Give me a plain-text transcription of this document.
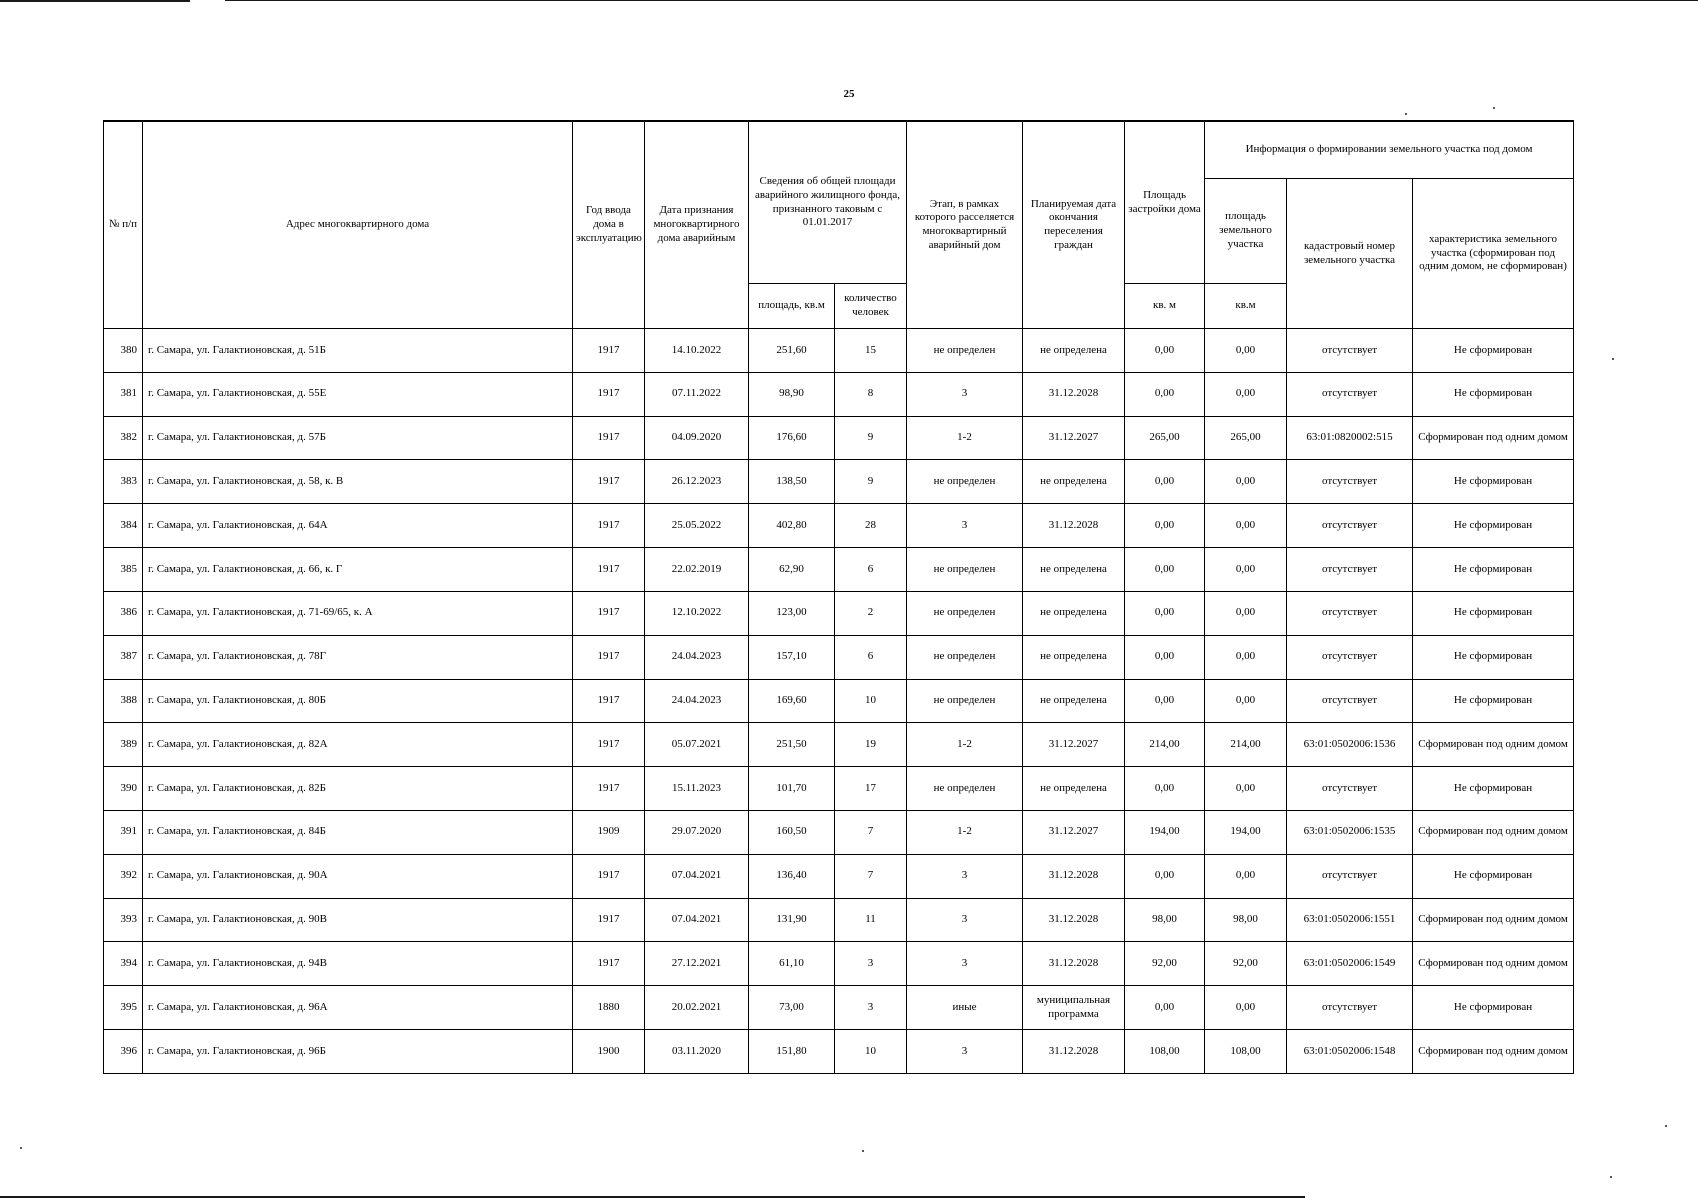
25
№ п/п	Адрес многоквартирного дома	Год ввода дома в эксплуатацию	Дата признания многоквартирного дома аварийным	Сведения об общей площади аварийного жилищного фонда, признанного таковым с 01.01.2017		Этап, в рамках которого расселяется многоквартирный аварийный дом	Планируемая дата окончания переселения граждан	Площадь застройки дома	Информация о формировании земельного участка под домом		
									площадь земельного участка	кадастровый номер земельного участка	характеристика земельного участка (сформирован под одним домом, не сформирован)
				площадь, кв.м	количество человек			кв. м	кв.м		
380	г. Самара, ул. Галактионовская, д. 51Б	1917	14.10.2022	251,60	15	не определен	не определена	0,00	0,00	отсутствует	Не сформирован
381	г. Самара, ул. Галактионовская, д. 55Е	1917	07.11.2022	98,90	8	3	31.12.2028	0,00	0,00	отсутствует	Не сформирован
382	г. Самара, ул. Галактионовская, д. 57Б	1917	04.09.2020	176,60	9	1-2	31.12.2027	265,00	265,00	63:01:0820002:515	Сформирован под одним домом
383	г. Самара, ул. Галактионовская, д. 58, к. В	1917	26.12.2023	138,50	9	не определен	не определена	0,00	0,00	отсутствует	Не сформирован
384	г. Самара, ул. Галактионовская, д. 64А	1917	25.05.2022	402,80	28	3	31.12.2028	0,00	0,00	отсутствует	Не сформирован
385	г. Самара, ул. Галактионовская, д. 66, к. Г	1917	22.02.2019	62,90	6	не определен	не определена	0,00	0,00	отсутствует	Не сформирован
386	г. Самара, ул. Галактионовская, д. 71-69/65, к. А	1917	12.10.2022	123,00	2	не определен	не определена	0,00	0,00	отсутствует	Не сформирован
387	г. Самара, ул. Галактионовская, д. 78Г	1917	24.04.2023	157,10	6	не определен	не определена	0,00	0,00	отсутствует	Не сформирован
388	г. Самара, ул. Галактионовская, д. 80Б	1917	24.04.2023	169,60	10	не определен	не определена	0,00	0,00	отсутствует	Не сформирован
389	г. Самара, ул. Галактионовская, д. 82А	1917	05.07.2021	251,50	19	1-2	31.12.2027	214,00	214,00	63:01:0502006:1536	Сформирован под одним домом
390	г. Самара, ул. Галактионовская, д. 82Б	1917	15.11.2023	101,70	17	не определен	не определена	0,00	0,00	отсутствует	Не сформирован
391	г. Самара, ул. Галактионовская, д. 84Б	1909	29.07.2020	160,50	7	1-2	31.12.2027	194,00	194,00	63:01:0502006:1535	Сформирован под одним домом
392	г. Самара, ул. Галактионовская, д. 90А	1917	07.04.2021	136,40	7	3	31.12.2028	0,00	0,00	отсутствует	Не сформирован
393	г. Самара, ул. Галактионовская, д. 90В	1917	07.04.2021	131,90	11	3	31.12.2028	98,00	98,00	63:01:0502006:1551	Сформирован под одним домом
394	г. Самара, ул. Галактионовская, д. 94В	1917	27.12.2021	61,10	3	3	31.12.2028	92,00	92,00	63:01:0502006:1549	Сформирован под одним домом
395	г. Самара, ул. Галактионовская, д. 96А	1880	20.02.2021	73,00	3	иные	муниципальная программа	0,00	0,00	отсутствует	Не сформирован
396	г. Самара, ул. Галактионовская, д. 96Б	1900	03.11.2020	151,80	10	3	31.12.2028	108,00	108,00	63:01:0502006:1548	Сформирован под одним домом
